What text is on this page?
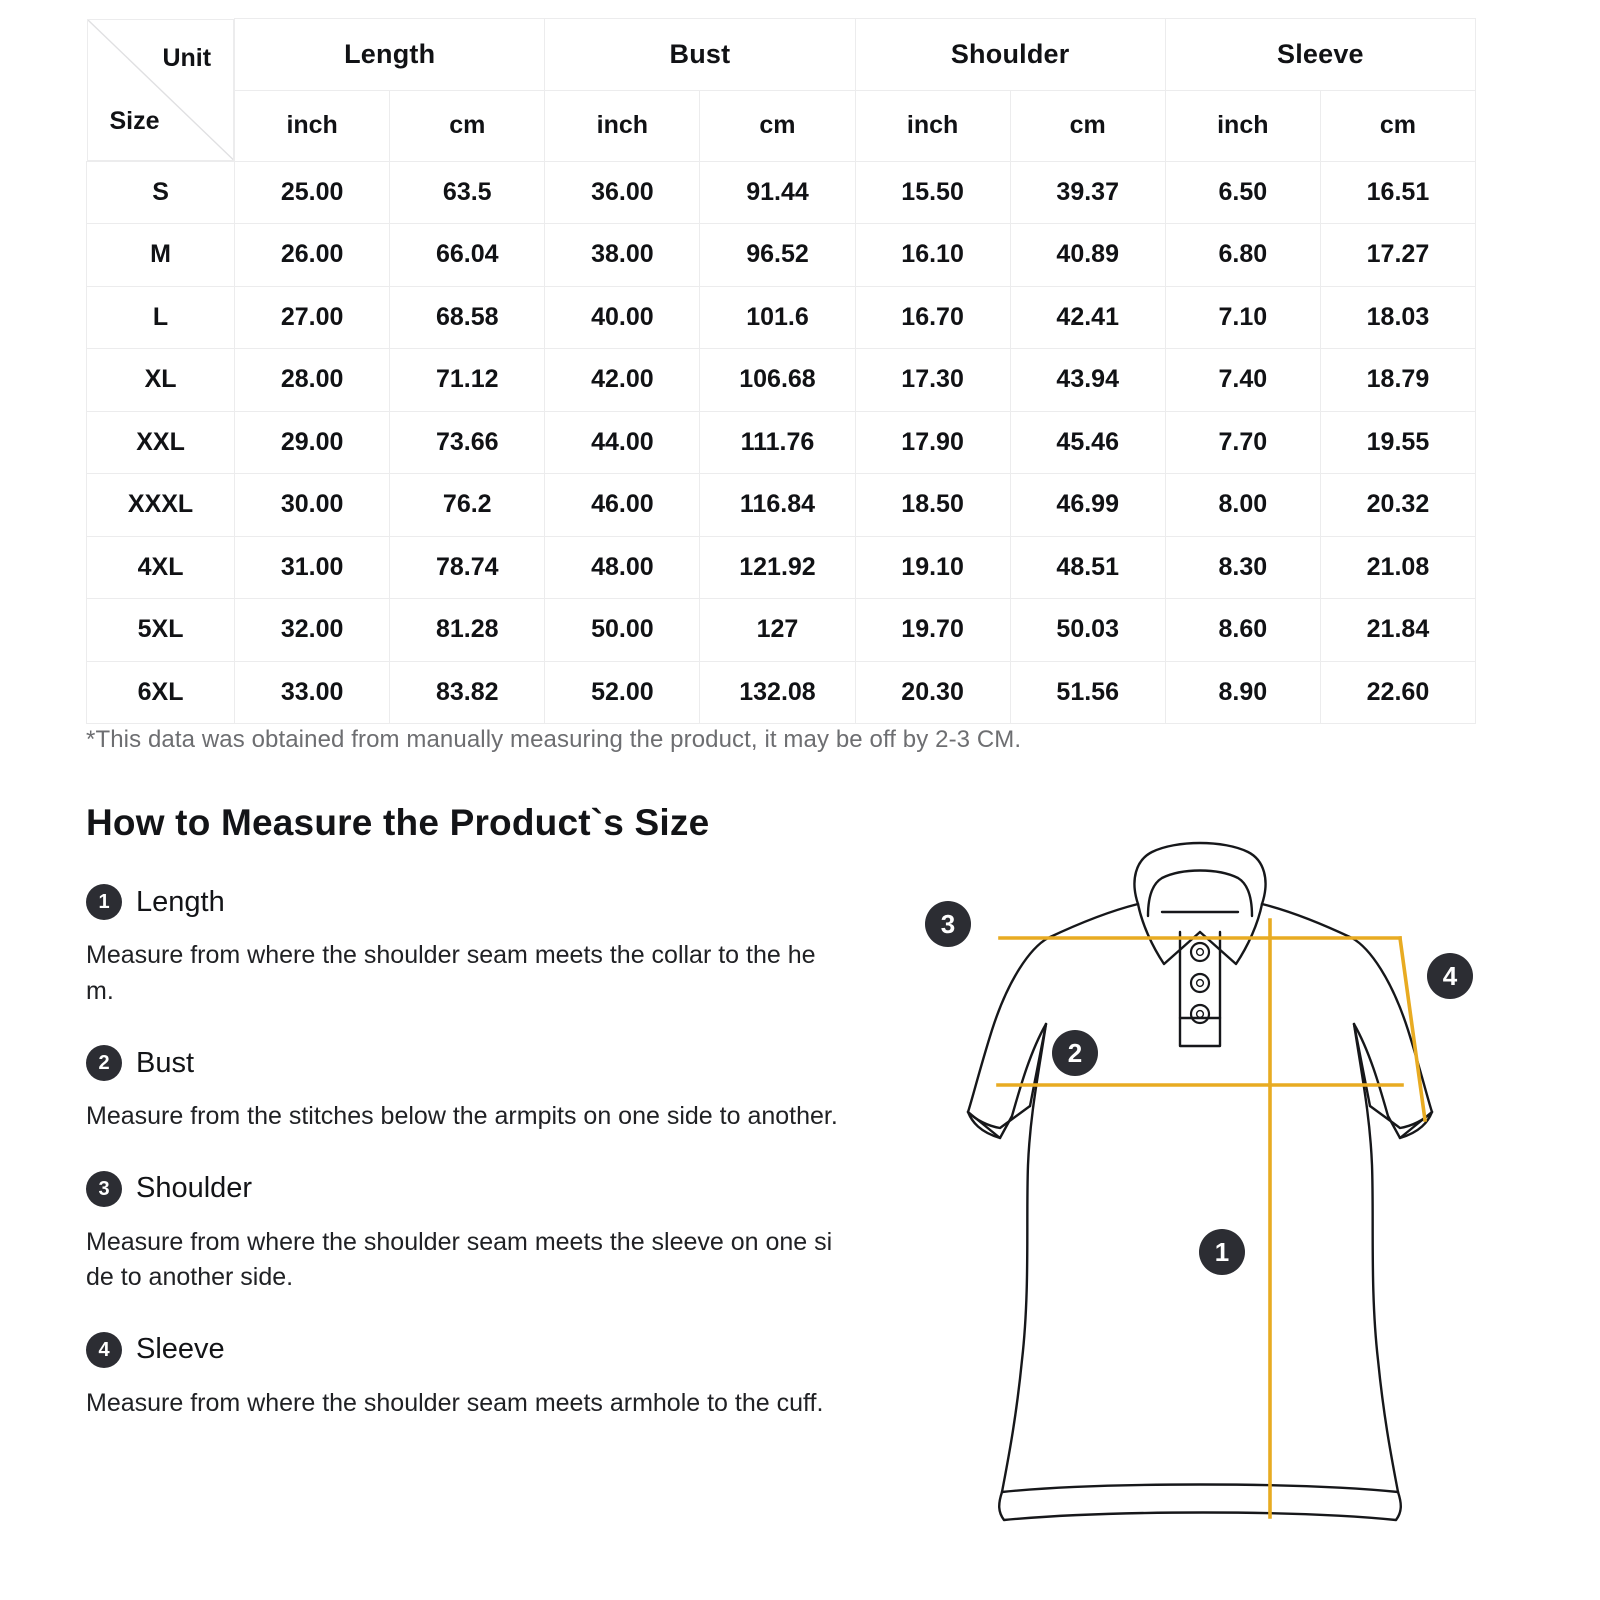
Unit
Size	Length		Bust		Shoulder		Sleeve	
	inch	cm	inch	cm	inch	cm	inch	cm
S	25.00	63.5	36.00	91.44	15.50	39.37	6.50	16.51
M	26.00	66.04	38.00	96.52	16.10	40.89	6.80	17.27
L	27.00	68.58	40.00	101.6	16.70	42.41	7.10	18.03
XL	28.00	71.12	42.00	106.68	17.30	43.94	7.40	18.79
XXL	29.00	73.66	44.00	111.76	17.90	45.46	7.70	19.55
XXXL	30.00	76.2	46.00	116.84	18.50	46.99	8.00	20.32
4XL	31.00	78.74	48.00	121.92	19.10	48.51	8.30	21.08
5XL	32.00	81.28	50.00	127	19.70	50.03	8.60	21.84
6XL	33.00	83.82	52.00	132.08	20.30	51.56	8.90	22.60
*This data was obtained from manually measuring the product, it may be off by 2-3 CM.
How to Measure the Product`s Size
1 Length
Measure from where the shoulder seam meets the collar to the hem.
2 Bust
Measure from the stitches below the armpits on one side to another.
3 Shoulder
Measure from where the shoulder seam meets the sleeve on one side to another side.
4 Sleeve
Measure from where the shoulder seam meets armhole to the cuff.
1
2
3
4
